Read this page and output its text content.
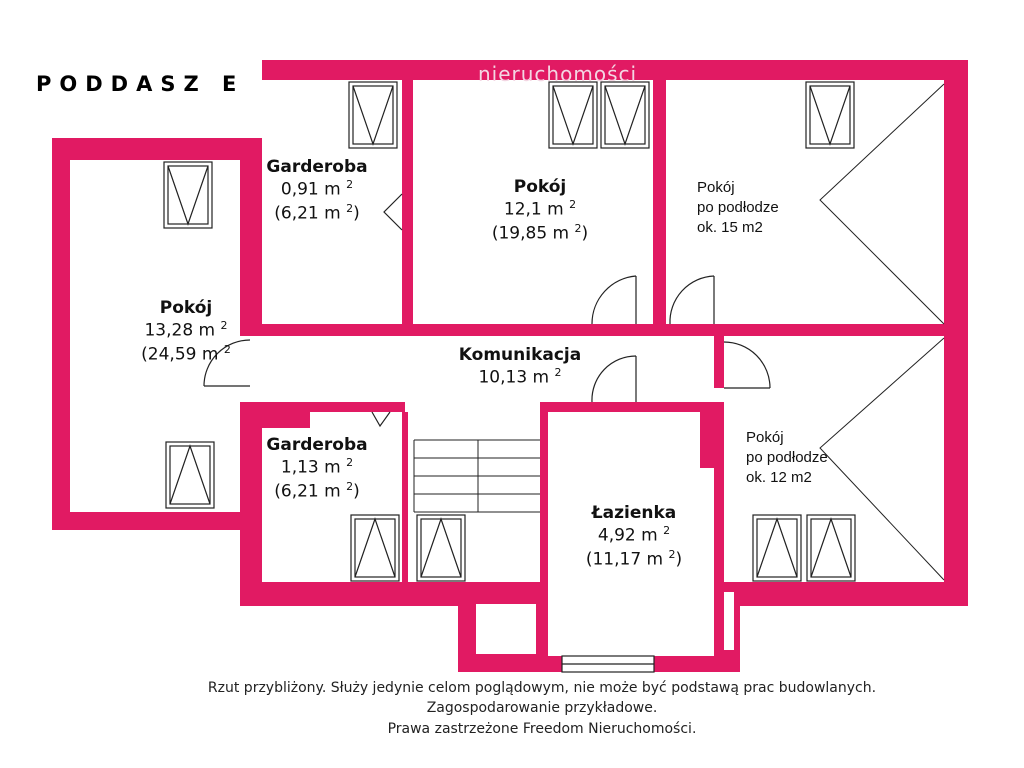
nieruchomości
PODDASZ E
Pokój
13,28 m $^2$
(24,59 m $^2$
Garderoba
0,91 m $^2$
(6,21 m $^2$)
Pokój
12,1 m $^2$
(19,85 m $^2$)
Komunikacja
10,13 m $^2$
Garderoba
1,13 m $^2$
(6,21 m $^2$)
Łazienka
4,92 m $^2$
(11,17 m $^2$)
Pokój
po podłodze
ok. 15 m2
Pokój
po podłodze
ok. 12 m2
Rzut przybliżony. Służy jedynie celom poglądowym, nie może być podstawą prac budowlanych.
Zagospodarowanie przykładowe.
Prawa zastrzeżone Freedom Nieruchomości.
